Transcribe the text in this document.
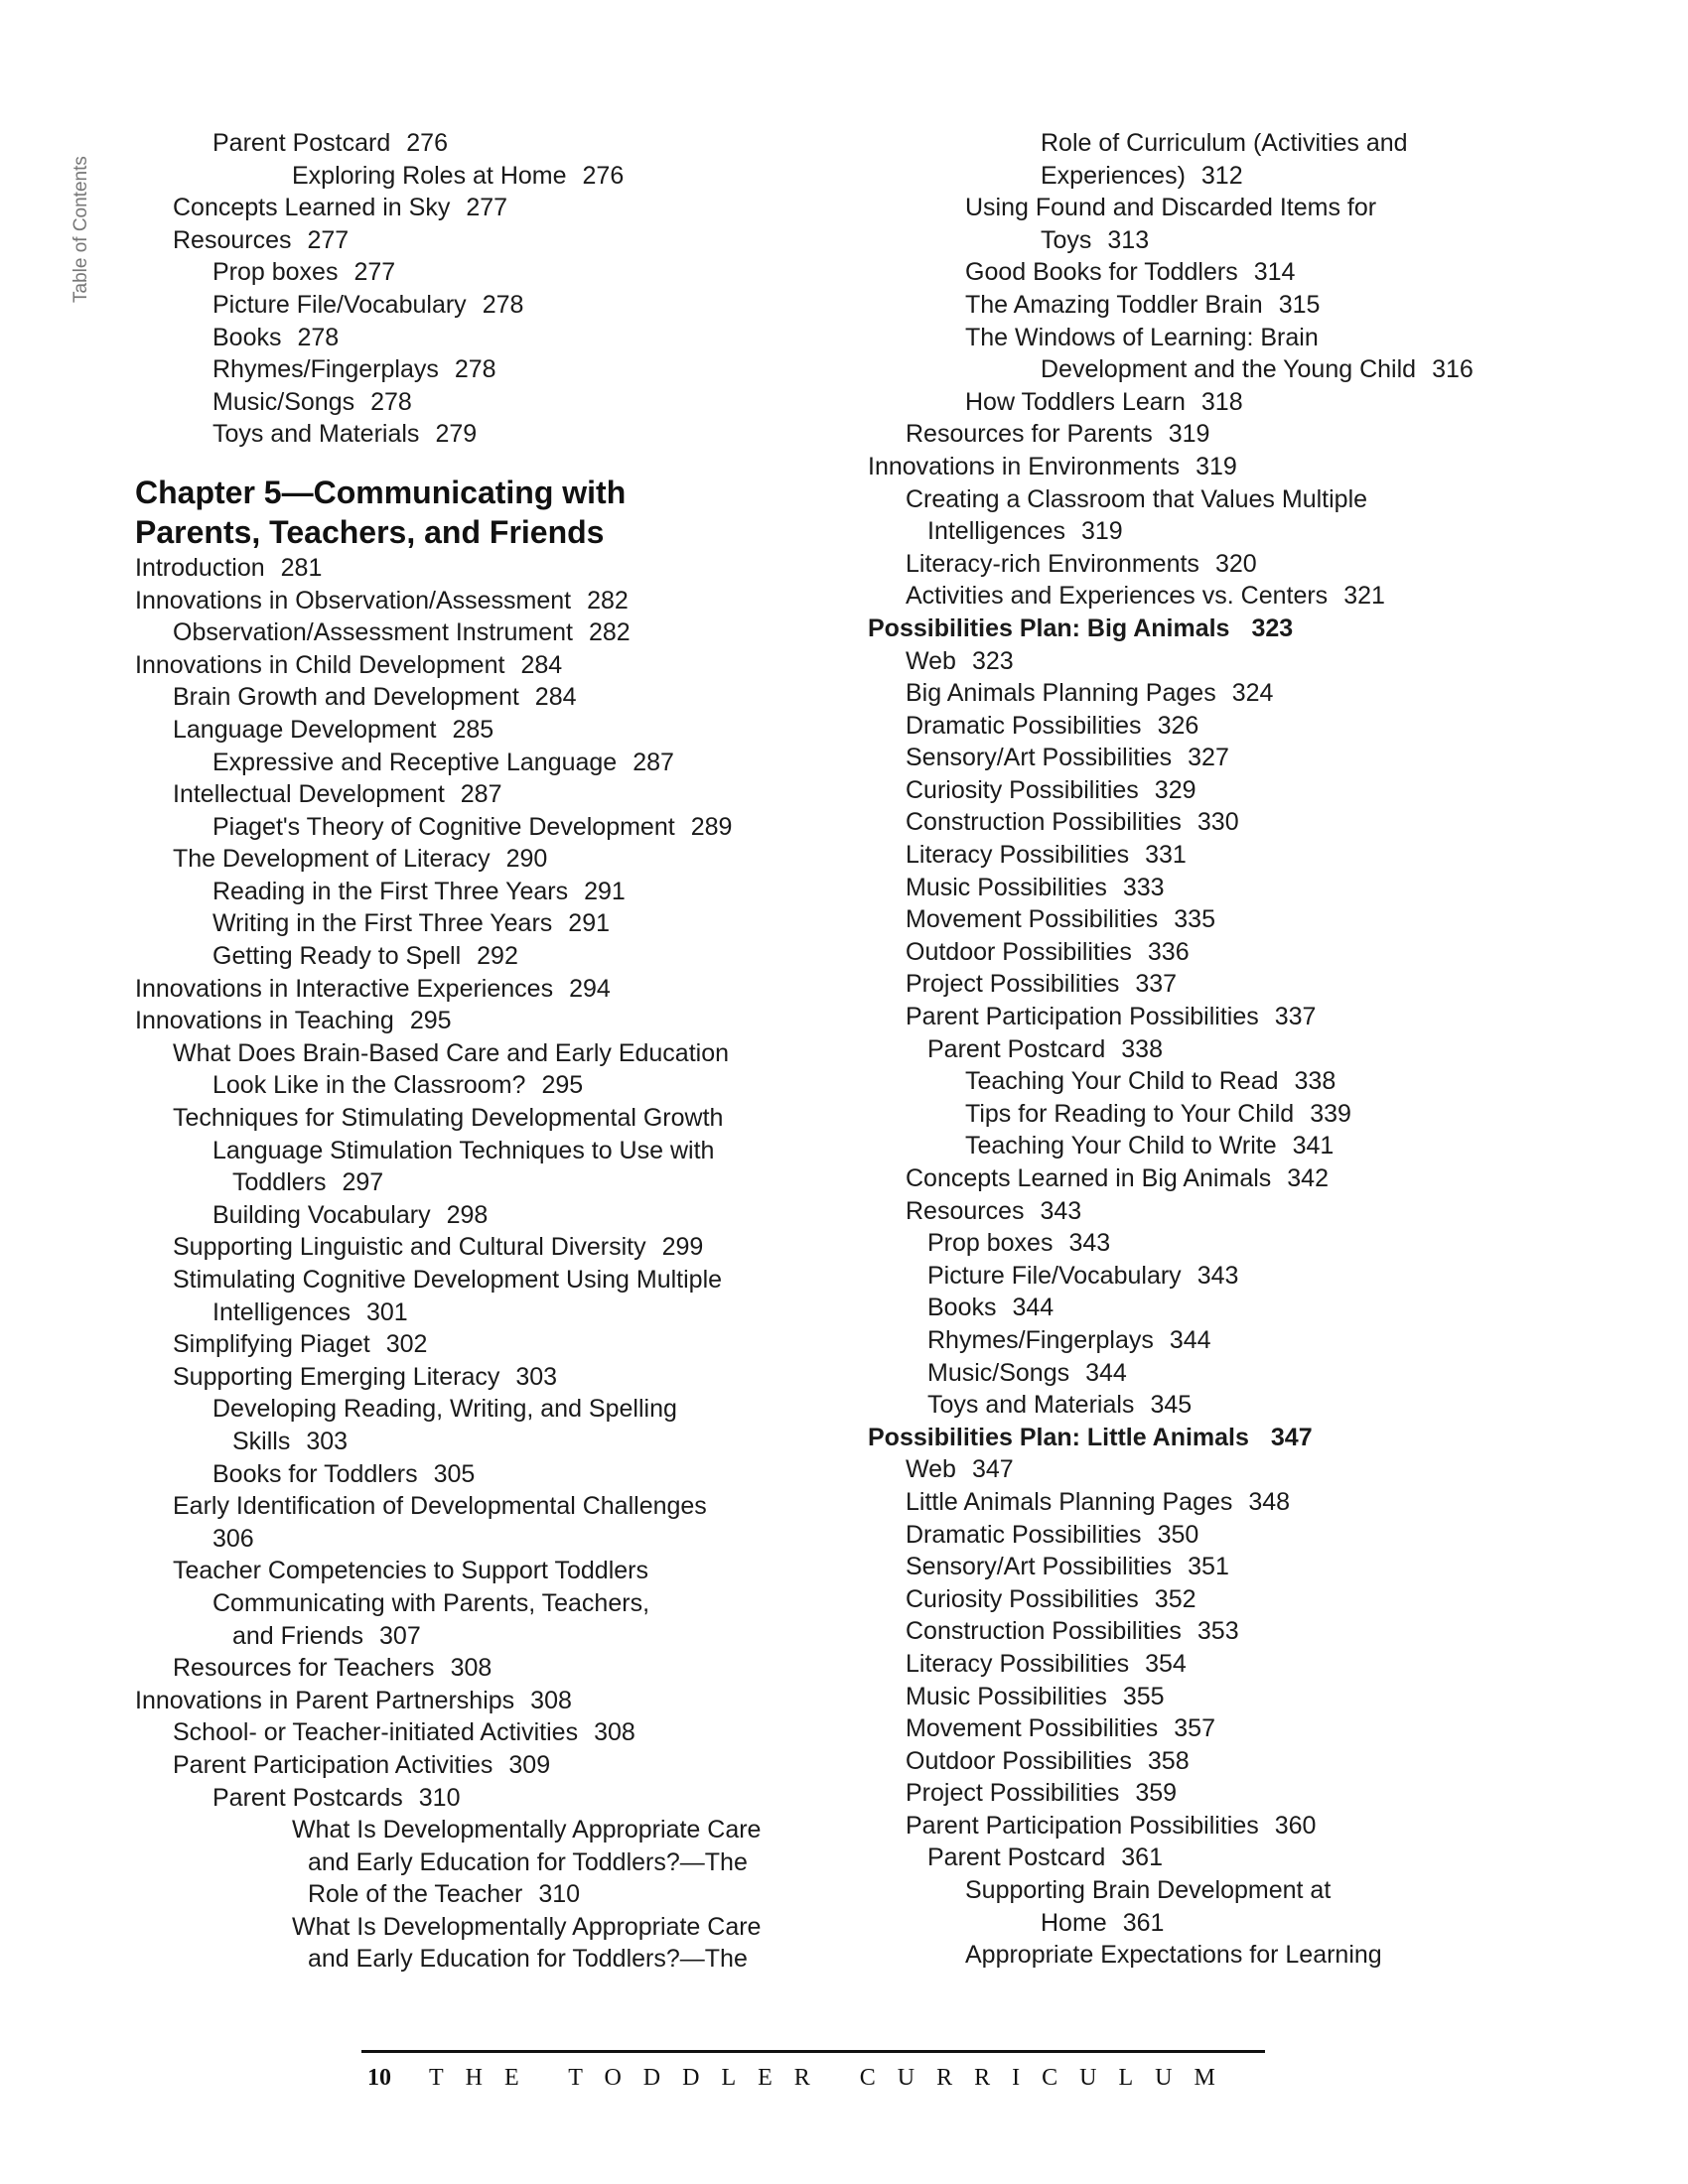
Table of Contents
Parent Postcard 276
Exploring Roles at Home 276
Concepts Learned in Sky 277
Resources 277
Prop boxes 277
Picture File/Vocabulary 278
Books 278
Rhymes/Fingerplays 278
Music/Songs 278
Toys and Materials 279
Chapter 5—Communicating with
Parents, Teachers, and Friends
Introduction 281
Innovations in Observation/Assessment 282
Observation/Assessment Instrument 282
Innovations in Child Development 284
Brain Growth and Development 284
Language Development 285
Expressive and Receptive Language 287
Intellectual Development 287
Piaget's Theory of Cognitive Development 289
The Development of Literacy 290
Reading in the First Three Years 291
Writing in the First Three Years 291
Getting Ready to Spell 292
Innovations in Interactive Experiences 294
Innovations in Teaching 295
What Does Brain-Based Care and Early Education
Look Like in the Classroom? 295
Techniques for Stimulating Developmental Growth
Language Stimulation Techniques to Use with
Toddlers 297
Building Vocabulary 298
Supporting Linguistic and Cultural Diversity 299
Stimulating Cognitive Development Using Multiple
Intelligences 301
Simplifying Piaget 302
Supporting Emerging Literacy 303
Developing Reading, Writing, and Spelling
Skills 303
Books for Toddlers 305
Early Identification of Developmental Challenges
306
Teacher Competencies to Support Toddlers
Communicating with Parents, Teachers,
and Friends 307
Resources for Teachers 308
Innovations in Parent Partnerships 308
School- or Teacher-initiated Activities 308
Parent Participation Activities 309
Parent Postcards 310
What Is Developmentally Appropriate Care
and Early Education for Toddlers?—The
Role of the Teacher 310
What Is Developmentally Appropriate Care
and Early Education for Toddlers?—The
Role of Curriculum (Activities and
Experiences) 312
Using Found and Discarded Items for
Toys 313
Good Books for Toddlers 314
The Amazing Toddler Brain 315
The Windows of Learning: Brain
Development and the Young Child 316
How Toddlers Learn 318
Resources for Parents 319
Innovations in Environments 319
Creating a Classroom that Values Multiple
Intelligences 319
Literacy-rich Environments 320
Activities and Experiences vs. Centers 321
Possibilities Plan: Big Animals 323
Web 323
Big Animals Planning Pages 324
Dramatic Possibilities 326
Sensory/Art Possibilities 327
Curiosity Possibilities 329
Construction Possibilities 330
Literacy Possibilities 331
Music Possibilities 333
Movement Possibilities 335
Outdoor Possibilities 336
Project Possibilities 337
Parent Participation Possibilities 337
Parent Postcard 338
Teaching Your Child to Read 338
Tips for Reading to Your Child 339
Teaching Your Child to Write 341
Concepts Learned in Big Animals 342
Resources 343
Prop boxes 343
Picture File/Vocabulary 343
Books 344
Rhymes/Fingerplays 344
Music/Songs 344
Toys and Materials 345
Possibilities Plan: Little Animals 347
Web 347
Little Animals Planning Pages 348
Dramatic Possibilities 350
Sensory/Art Possibilities 351
Curiosity Possibilities 352
Construction Possibilities 353
Literacy Possibilities 354
Music Possibilities 355
Movement Possibilities 357
Outdoor Possibilities 358
Project Possibilities 359
Parent Participation Possibilities 360
Parent Postcard 361
Supporting Brain Development at
Home 361
Appropriate Expectations for Learning
10 THE TODDLER CURRICULUM
